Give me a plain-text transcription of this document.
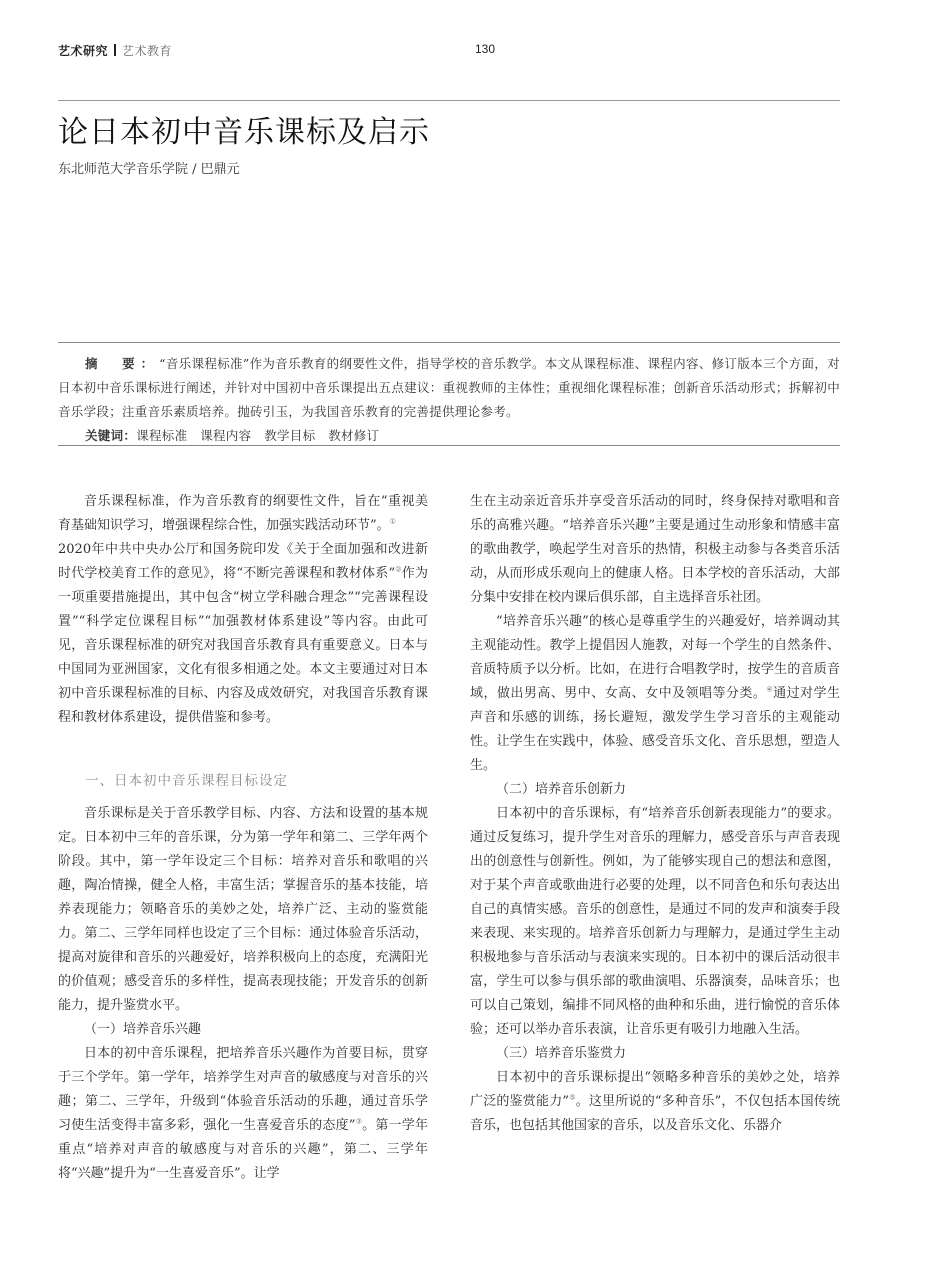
艺术研究 艺术教育	130
论日本初中音乐课标及启示
东北师范大学音乐学院 / 巴鼎元

摘　要：“音乐课程标准”作为音乐教育的纲要性文件，指导学校的音乐教学。本文从课程标准、课程内容、修订版本三个方面，对日本初中音乐课标进行阐述，并针对中国初中音乐课提出五点建议：重视教师的主体性；重视细化课程标准；创新音乐活动形式；拆解初中音乐学段；注重音乐素质培养。抛砖引玉，为我国音乐教育的完善提供理论参考。

关键词：课程标准　课程内容　教学目标　教材修订

音乐课程标准，作为音乐教育的纲要性文件，旨在“重视美育基础知识学习，增强课程综合性，加强实践活动环节”。①
2020年中共中央办公厅和国务院印发《关于全面加强和改进新时代学校美育工作的意见》，将“不断完善课程和教材体系”②作为一项重要措施提出，其中包含“树立学科融合理念”“完善课程设置”“科学定位课程目标”“加强教材体系建设”等内容。由此可见，音乐课程标准的研究对我国音乐教育具有重要意义。日本与中国同为亚洲国家，文化有很多相通之处。本文主要通过对日本初中音乐课程标准的目标、内容及成效研究，对我国音乐教育课程和教材体系建设，提供借鉴和参考。

一、日本初中音乐课程目标设定

音乐课标是关于音乐教学目标、内容、方法和设置的基本规定。日本初中三年的音乐课，分为第一学年和第二、三学年两个阶段。其中，第一学年设定三个目标：培养对音乐和歌唱的兴趣，陶冶情操，健全人格，丰富生活；掌握音乐的基本技能，培养表现能力；领略音乐的美妙之处，培养广泛、主动的鉴赏能力。第二、三学年同样也设定了三个目标：通过体验音乐活动，提高对旋律和音乐的兴趣爱好，培养积极向上的态度，充满阳光的价值观；感受音乐的多样性，提高表现技能；开发音乐的创新能力，提升鉴赏水平。

（一）培养音乐兴趣

日本的初中音乐课程，把培养音乐兴趣作为首要目标，贯穿于三个学年。第一学年，培养学生对声音的敏感度与对音乐的兴趣；第二、三学年，升级到“体验音乐活动的乐趣，通过音乐学习使生活变得丰富多彩，强化一生喜爱音乐的态度”③。第一学年重点“培养对声音的敏感度与对音乐的兴趣”，第二、三学年将“兴趣”提升为“一生喜爱音乐”。让学

生在主动亲近音乐并享受音乐活动的同时，终身保持对歌唱和音乐的高雅兴趣。“培养音乐兴趣”主要是通过生动形象和情感丰富的歌曲教学，唤起学生对音乐的热情，积极主动参与各类音乐活动，从而形成乐观向上的健康人格。日本学校的音乐活动，大部分集中安排在校内课后俱乐部，自主选择音乐社团。

“培养音乐兴趣”的核心是尊重学生的兴趣爱好，培养调动其主观能动性。教学上提倡因人施教，对每一个学生的自然条件、音质特质予以分析。比如，在进行合唱教学时，按学生的音质音域，做出男高、男中、女高、女中及领唱等分类。④通过对学生声音和乐感的训练，扬长避短，激发学生学习音乐的主观能动性。让学生在实践中，体验、感受音乐文化、音乐思想，塑造人生。

（二）培养音乐创新力

日本初中的音乐课标，有“培养音乐创新表现能力”的要求。通过反复练习，提升学生对音乐的理解力，感受音乐与声音表现出的创意性与创新性。例如，为了能够实现自己的想法和意图，对于某个声音或歌曲进行必要的处理，以不同音色和乐句表达出自己的真情实感。音乐的创意性，是通过不同的发声和演奏手段来表现、来实现的。培养音乐创新力与理解力，是通过学生主动积极地参与音乐活动与表演来实现的。日本初中的课后活动很丰富，学生可以参与俱乐部的歌曲演唱、乐器演奏，品味音乐；也可以自己策划，编排不同风格的曲种和乐曲，进行愉悦的音乐体验；还可以举办音乐表演，让音乐更有吸引力地融入生活。

（三）培养音乐鉴赏力

日本初中的音乐课标提出“领略多种音乐的美妙之处，培养广泛的鉴赏能力”⑤。这里所说的“多种音乐”，不仅包括本国传统音乐，也包括其他国家的音乐，以及音乐文化、乐器介
